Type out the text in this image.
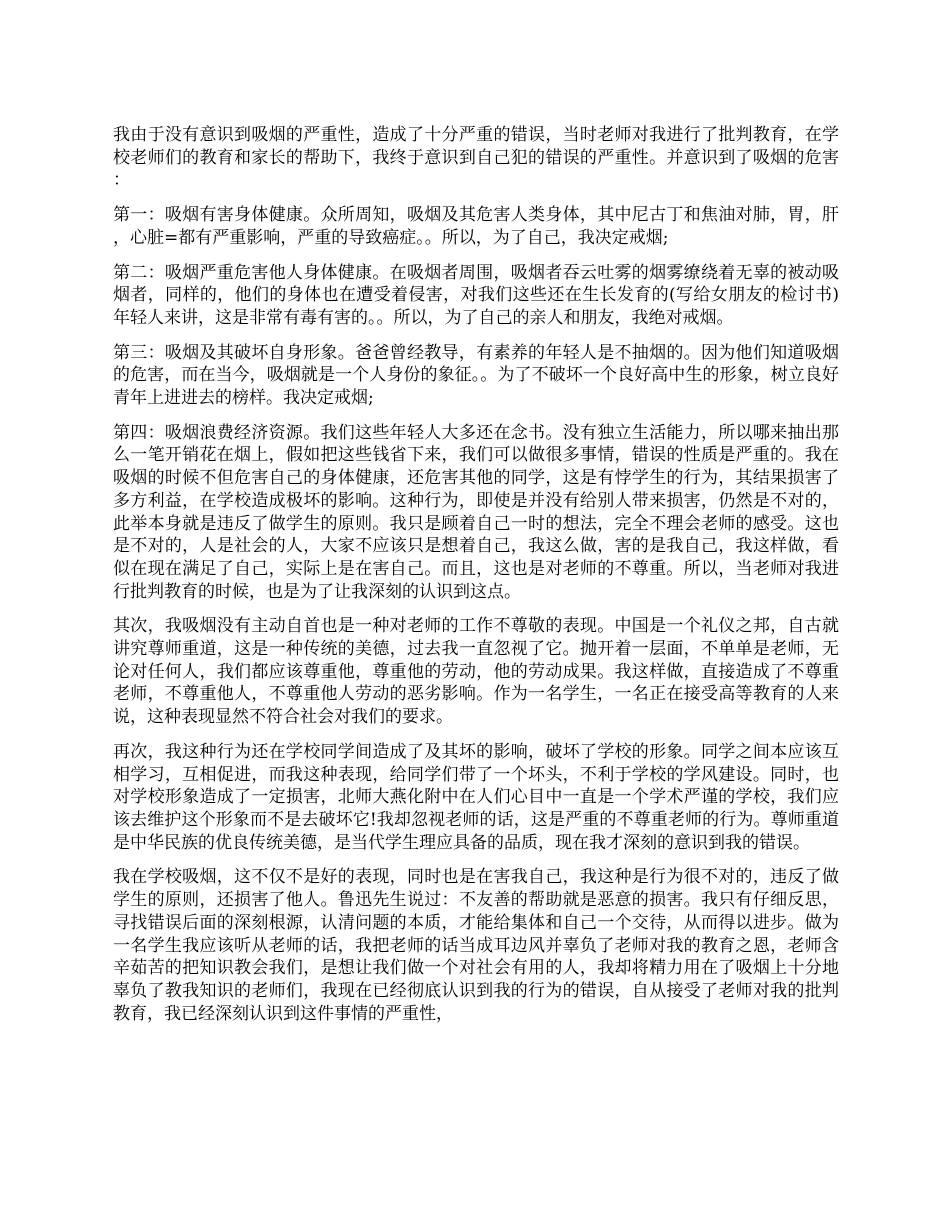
我由于没有意识到吸烟的严重性，造成了十分严重的错误，当时老师对我进行了批判教育，在学校老师们的教育和家长的帮助下，我终于意识到自己犯的错误的严重性。并意识到了吸烟的危害：

第一：吸烟有害身体健康。众所周知，吸烟及其危害人类身体，其中尼古丁和焦油对肺，胃，肝，心脏=都有严重影响，严重的导致癌症。。所以，为了自己，我决定戒烟;

第二：吸烟严重危害他人身体健康。在吸烟者周围，吸烟者吞云吐雾的烟雾缭绕着无辜的被动吸烟者，同样的，他们的身体也在遭受着侵害，对我们这些还在生长发育的(写给女朋友的检讨书)年轻人来讲，这是非常有毒有害的。。所以，为了自己的亲人和朋友，我绝对戒烟。

第三：吸烟及其破坏自身形象。爸爸曾经教导，有素养的年轻人是不抽烟的。因为他们知道吸烟的危害，而在当今，吸烟就是一个人身份的象征。。为了不破坏一个良好高中生的形象，树立良好青年上进进去的榜样。我决定戒烟;

第四：吸烟浪费经济资源。我们这些年轻人大多还在念书。没有独立生活能力，所以哪来抽出那么一笔开销花在烟上，假如把这些钱省下来，我们可以做很多事情，错误的性质是严重的。我在吸烟的时候不但危害自己的身体健康，还危害其他的同学，这是有悖学生的行为，其结果损害了多方利益，在学校造成极坏的影响。这种行为，即使是并没有给别人带来损害，仍然是不对的，此举本身就是违反了做学生的原则。我只是顾着自己一时的想法，完全不理会老师的感受。这也是不对的，人是社会的人，大家不应该只是想着自己，我这么做，害的是我自己，我这样做，看似在现在满足了自己，实际上是在害自己。而且，这也是对老师的不尊重。所以，当老师对我进行批判教育的时候，也是为了让我深刻的认识到这点。

其次，我吸烟没有主动自首也是一种对老师的工作不尊敬的表现。中国是一个礼仪之邦，自古就讲究尊师重道，这是一种传统的美德，过去我一直忽视了它。抛开着一层面，不单单是老师，无论对任何人，我们都应该尊重他，尊重他的劳动，他的劳动成果。我这样做，直接造成了不尊重老师，不尊重他人，不尊重他人劳动的恶劣影响。作为一名学生，一名正在接受高等教育的人来说，这种表现显然不符合社会对我们的要求。

再次，我这种行为还在学校同学间造成了及其坏的影响，破坏了学校的形象。同学之间本应该互相学习，互相促进，而我这种表现，给同学们带了一个坏头，不利于学校的学风建设。同时，也对学校形象造成了一定损害，北师大燕化附中在人们心目中一直是一个学术严谨的学校，我们应该去维护这个形象而不是去破坏它!我却忽视老师的话，这是严重的不尊重老师的行为。尊师重道是中华民族的优良传统美德，是当代学生理应具备的品质，现在我才深刻的意识到我的错误。

我在学校吸烟，这不仅不是好的表现，同时也是在害我自己，我这种是行为很不对的，违反了做学生的原则，还损害了他人。鲁迅先生说过：不友善的帮助就是恶意的损害。我只有仔细反思，寻找错误后面的深刻根源，认清问题的本质，才能给集体和自己一个交待，从而得以进步。做为一名学生我应该听从老师的话，我把老师的话当成耳边风并辜负了老师对我的教育之恩，老师含辛茹苦的把知识教会我们，是想让我们做一个对社会有用的人，我却将精力用在了吸烟上十分地辜负了教我知识的老师们，我现在已经彻底认识到我的行为的错误，自从接受了老师对我的批判教育，我已经深刻认识到这件事情的严重性，
